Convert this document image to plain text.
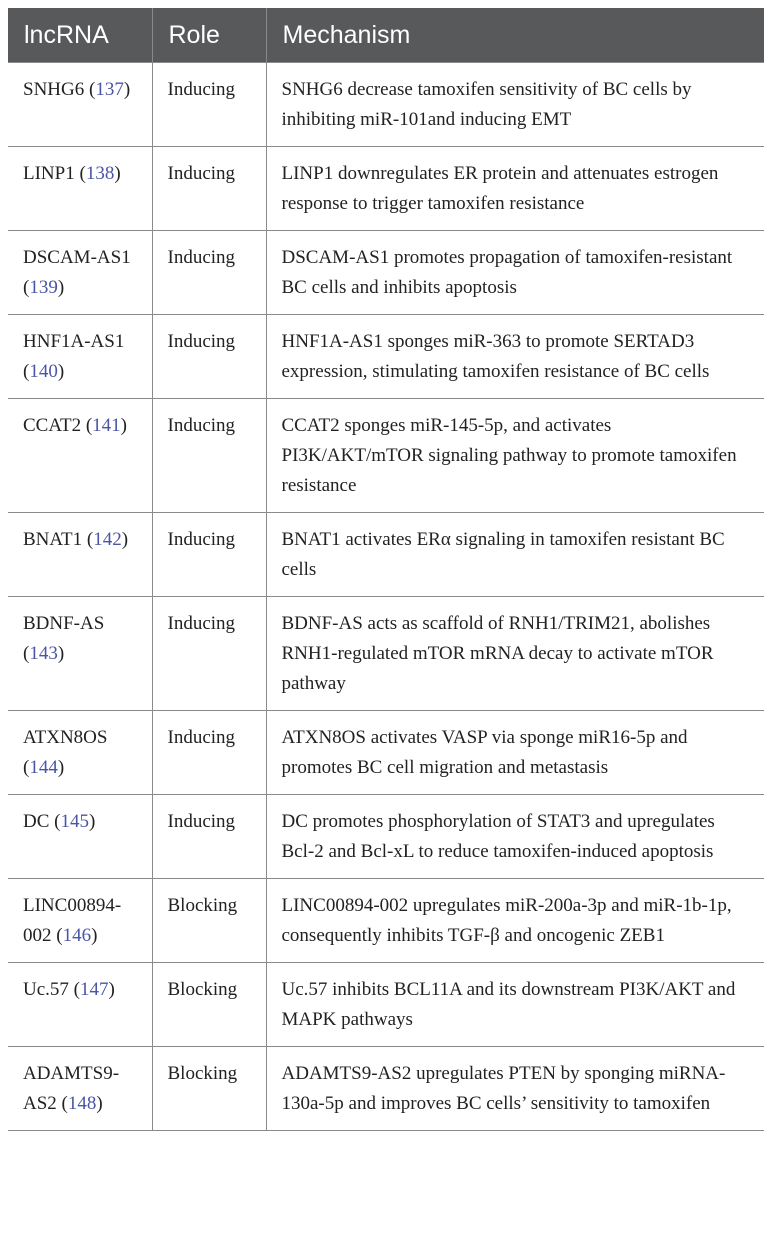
lncRNA	Role	Mechanism
SNHG6 (137)	Inducing	SNHG6 decrease tamoxifen sensitivity of BC cells by inhibiting miR-101and inducing EMT
LINP1 (138)	Inducing	LINP1 downregulates ER protein and attenuates estrogen response to trigger tamoxifen resistance
DSCAM-AS1 (139)	Inducing	DSCAM-AS1 promotes propagation of tamoxifen-resistant BC cells and inhibits apoptosis
HNF1A-AS1 (140)	Inducing	HNF1A-AS1 sponges miR-363 to promote SERTAD3 expression, stimulating tamoxifen resistance of BC cells
CCAT2 (141)	Inducing	CCAT2 sponges miR-145-5p, and activates PI3K/AKT/mTOR signaling pathway to promote tamoxifen resistance
BNAT1 (142)	Inducing	BNAT1 activates ERα signaling in tamoxifen resistant BC cells
BDNF-AS (143)	Inducing	BDNF-AS acts as scaffold of RNH1/TRIM21, abolishes RNH1-regulated mTOR mRNA decay to activate mTOR pathway
ATXN8OS (144)	Inducing	ATXN8OS activates VASP via sponge miR16-5p and promotes BC cell migration and metastasis
DC (145)	Inducing	DC promotes phosphorylation of STAT3 and upregulates Bcl-2 and Bcl-xL to reduce tamoxifen-induced apoptosis
LINC00894-002 (146)	Blocking	LINC00894-002 upregulates miR-200a-3p and miR-1b-1p, consequently inhibits TGF-β and oncogenic ZEB1
Uc.57 (147)	Blocking	Uc.57 inhibits BCL11A and its downstream PI3K/AKT and MAPK pathways
ADAMTS9-AS2 (148)	Blocking	ADAMTS9-AS2 upregulates PTEN by sponging miRNA-130a-5p and improves BC cells’ sensitivity to tamoxifen
